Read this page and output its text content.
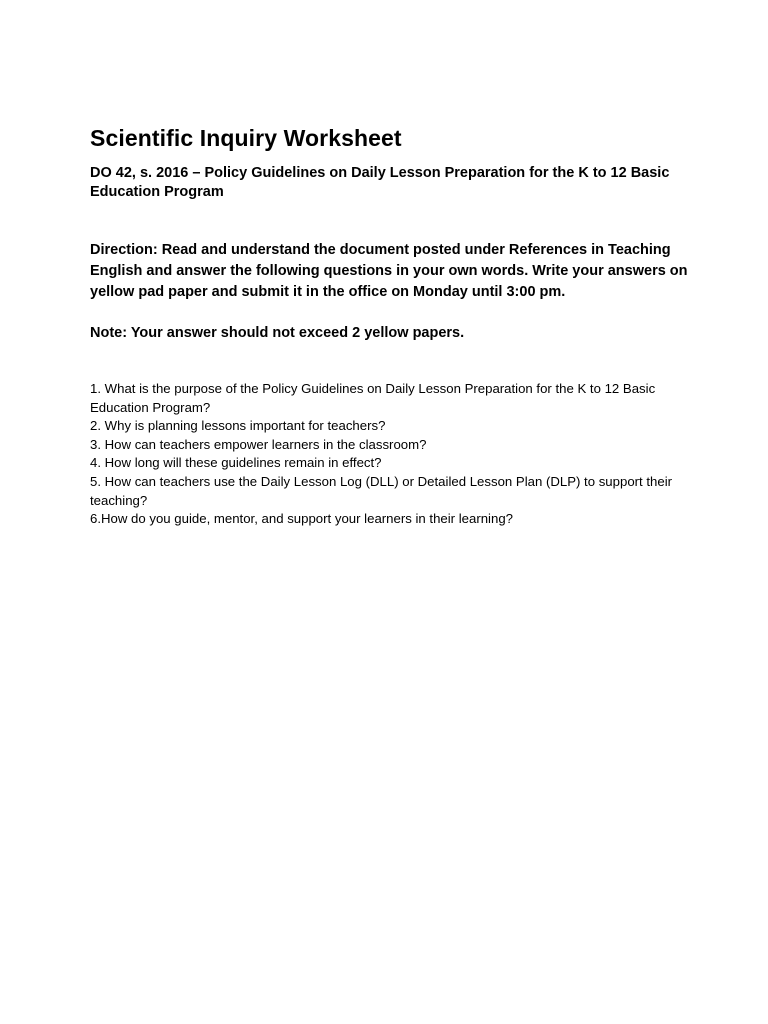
Scientific Inquiry Worksheet

DO 42, s. 2016 – Policy Guidelines on Daily Lesson Preparation for the K to 12 Basic Education Program

Direction: Read and understand the document posted under References in Teaching English and answer the following questions in your own words. Write your answers on yellow pad paper and submit it in the office on Monday until 3:00 pm.

Note: Your answer should not exceed 2 yellow papers.

1. What is the purpose of the Policy Guidelines on Daily Lesson Preparation for the K to 12 Basic Education Program?
2. Why is planning lessons important for teachers?
3. How can teachers empower learners in the classroom?
4. How long will these guidelines remain in effect?
5. How can teachers use the Daily Lesson Log (DLL) or Detailed Lesson Plan (DLP) to support their teaching?
6.How do you guide, mentor, and support your learners in their learning?
